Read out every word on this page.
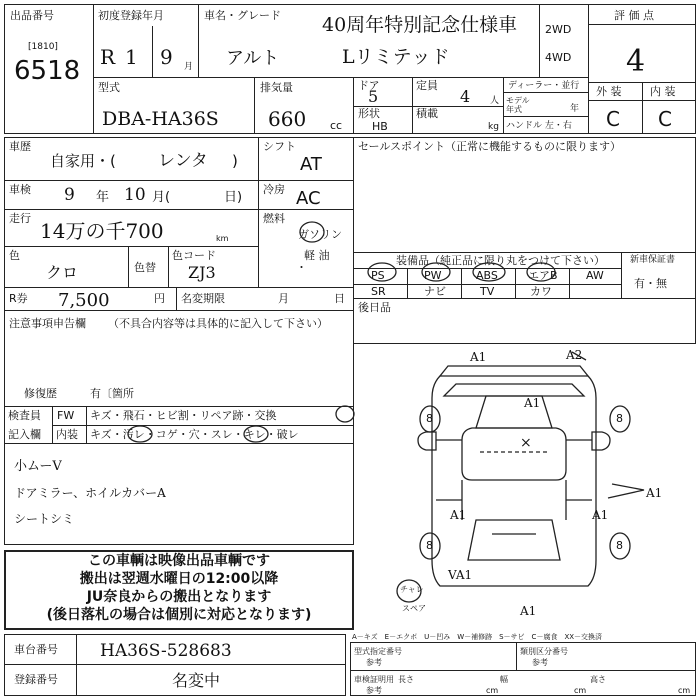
出品番号
[1810]
6518
初度登録年月
R 1 9 月
車名・グレード 40周年特別記念仕様車
アルト	Lリミテッド
2WD
4WD
評 価 点
4
外 装	内 装
C C
型式
DBA-HA36S
排気量
660 cc
ドア
5
定員
4 人
形状
HB
積載
kg
ディーラー・並行
モデル年式	年
ハンドル 左・右
車歴
自家用・( レンタ )
シフト
AT
車検 9 年 10 月(	日)
冷房 AC
走行
14万の千700	km
燃料
ガソリン
軽 油
・
色
クロ	色替
色コード
ZJ3
R券 7,500	円 名変期限	月	日
セールスポイント（正常に機能するものに限ります）
装備品（純正品に限り丸をつけて下さい）	新車保証書
有・無
PS	PW	ABS	エアB	AW
SR	ナビ	TV	カワ
後日品
注意事項申告欄 （不具合内容等は具体的に記入して下さい）
修復歴	有〔箇所
検査員
記入欄
FW キズ・飛石・ヒビ割・リペア跡・交換
内装 キズ・汚レ・コゲ・穴・スレ・キレ・破レ
小ムーV
ドアミラー、ホイルカバーA
シートシミ
この車輌は映像出品車輌です
搬出は翌週水曜日の12:00以降
JU奈良からの搬出となります
(後日落札の場合は個別に対応となります)
A1	A2
A1
A1
A1	A1
VA1
A1
×
8	8
8	8
チャレ
スペア
車台番号 HA36S-528683
登録番号	名変中
A－キズ　E－エクボ　U－凹み　W－補修跡　S－サビ　C－腐食　XX－交換済
型式指定番号
参考
類別区分番号
参考
車検証明用
参考
長さ
cm
幅
cm
高さ
cm
